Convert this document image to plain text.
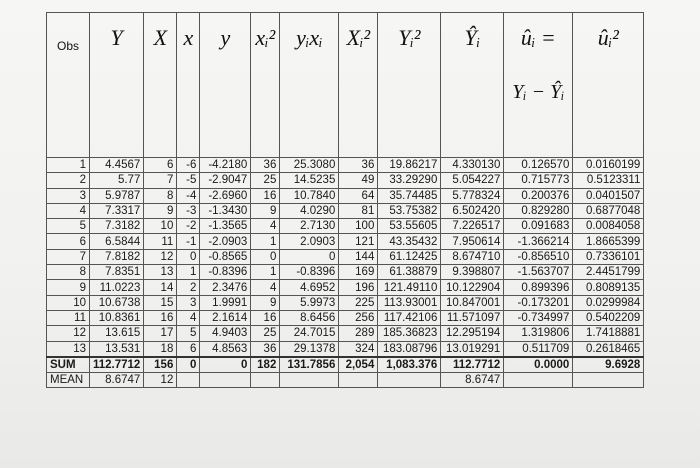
Obs	Y	X	x	y	xᵢ²	yᵢxᵢ	Xᵢ²	Yᵢ²	Ŷᵢ	ûᵢ =
Yᵢ − Ŷᵢ	ûᵢ²
1	4.4567	6	-6	-4.2180	36	25.3080	36	19.86217	4.330130	0.126570	0.0160199
2	5.77	7	-5	-2.9047	25	14.5235	49	33.29290	5.054227	0.715773	0.5123311
3	5.9787	8	-4	-2.6960	16	10.7840	64	35.74485	5.778324	0.200376	0.0401507
4	7.3317	9	-3	-1.3430	9	4.0290	81	53.75382	6.502420	0.829280	0.6877048
5	7.3182	10	-2	-1.3565	4	2.7130	100	53.55605	7.226517	0.091683	0.0084058
6	6.5844	11	-1	-2.0903	1	2.0903	121	43.35432	7.950614	-1.366214	1.8665399
7	7.8182	12	0	-0.8565	0	0	144	61.12425	8.674710	-0.856510	0.7336101
8	7.8351	13	1	-0.8396	1	-0.8396	169	61.38879	9.398807	-1.563707	2.4451799
9	11.0223	14	2	2.3476	4	4.6952	196	121.49110	10.122904	0.899396	0.8089135
10	10.6738	15	3	1.9991	9	5.9973	225	113.93001	10.847001	-0.173201	0.0299984
11	10.8361	16	4	2.1614	16	8.6456	256	117.42106	11.571097	-0.734997	0.5402209
12	13.615	17	5	4.9403	25	24.7015	289	185.36823	12.295194	1.319806	1.7418881
13	13.531	18	6	4.8563	36	29.1378	324	183.08796	13.019291	0.511709	0.2618465
SUM	112.7712	156	0	0	182	131.7856	2,054	1,083.376	112.7712	0.0000	9.6928
MEAN	8.6747	12							8.6747		
